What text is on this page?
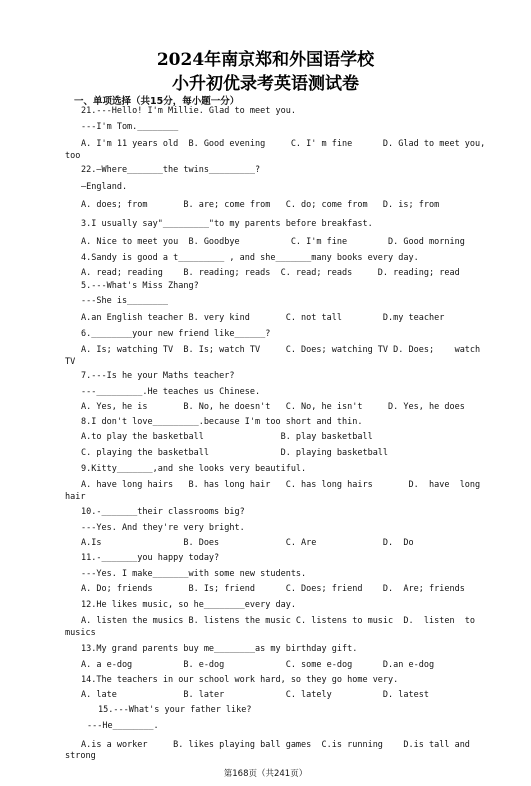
2024年南京郑和外国语学校
小升初优录考英语测试卷
一、单项选择（共15分，每小题一分）
21.---Hello! I'm Millie. Glad to meet you.
---I'm Tom.________
A. I'm 11 years old  B. Good evening     C. I' m fine      D. Glad to meet you,
too
22.—Where_______the twins_________?
—England.
A. does; from       B. are; come from   C. do; come from   D. is; from
3.I usually say"_________"to my parents before breakfast.
A. Nice to meet you  B. Goodbye          C. I'm fine        D. Good morning
4.Sandy is good a t_________ , and she_______many books every day.
A. read; reading    B. reading; reads  C. read; reads     D. reading; read
5.---What's Miss Zhang?
---She is________
A.an English teacher B. very kind       C. not tall        D.my teacher
6.________your new friend like______?
A. Is; watching TV  B. Is; watch TV     C. Does; watching TV D. Does;    watch
TV
7.---Is he your Maths teacher?
---_________.He teaches us Chinese.
A. Yes, he is       B. No, he doesn't   C. No, he isn't     D. Yes, he does
8.I don't love_________.because I'm too short and thin.
A.to play the basketball               B. play basketball
C. playing the basketball              D. playing basketball
9.Kitty_______,and she looks very beautiful.
A. have long hairs   B. has long hair   C. has long hairs       D.  have  long
hair
10.-_______their classrooms big?
---Yes. And they're very bright.
A.Is                B. Does             C. Are             D.  Do
11.-_______you happy today?
---Yes. I make_______with some new students.
A. Do; friends       B. Is; friend      C. Does; friend    D.  Are; friends
12.He likes music, so he________every day.
A. listen the musics B. listens the music C. listens to music  D.  listen  to
musics
13.My grand parents buy me________as my birthday gift.
A. a e-dog          B. e-dog            C. some e-dog      D.an e-dog
14.The teachers in our school work hard, so they go home very.
A. late             B. later            C. lately          D. latest
15.---What's your father like?
---He________.
A.is a worker     B. likes playing ball games  C.is running    D.is tall and
strong
第168页（共241页）
